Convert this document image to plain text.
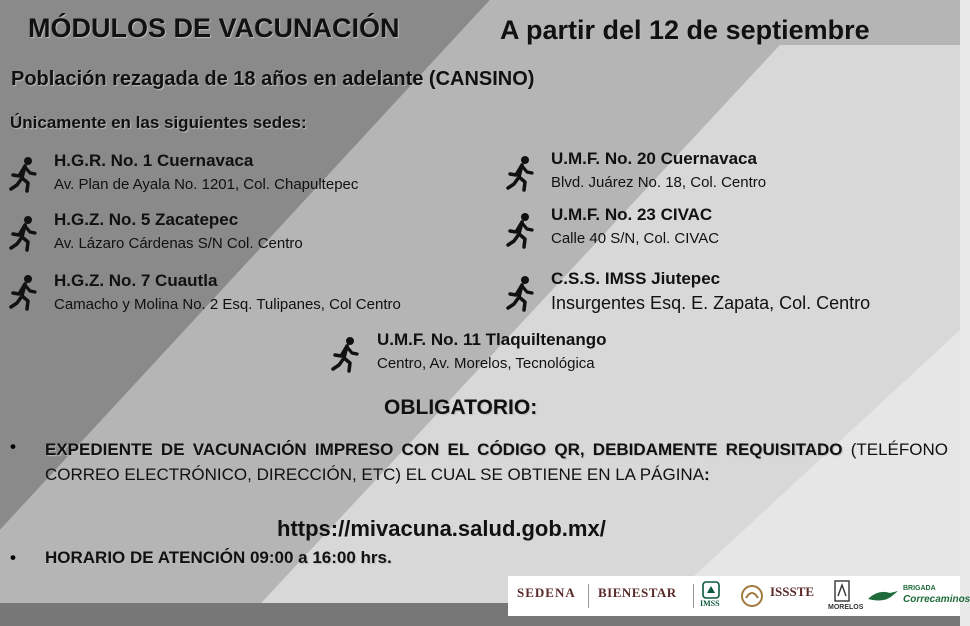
MÓDULOS DE VACUNACIÓN	A partir del 12 de septiembre
Población rezagada de 18 años en adelante (CANSINO)
Únicamente en las siguientes sedes:
H.G.R. No. 1 Cuernavaca
Av. Plan de Ayala No. 1201, Col. Chapultepec
H.G.Z. No. 5 Zacatepec
Av. Lázaro Cárdenas S/N Col. Centro
H.G.Z. No. 7 Cuautla
Camacho y Molina No. 2 Esq. Tulipanes, Col Centro
U.M.F. No. 20 Cuernavaca
Blvd. Juárez No. 18, Col. Centro
U.M.F. No. 23 CIVAC
Calle 40 S/N, Col. CIVAC
C.S.S. IMSS Jiutepec
Insurgentes Esq. E. Zapata, Col. Centro
U.M.F. No. 11 Tlaquiltenango
Centro, Av. Morelos, Tecnológica
OBLIGATORIO:
• EXPEDIENTE DE VACUNACIÓN IMPRESO CON EL CÓDIGO QR, DEBIDAMENTE REQUISITADO (TELÉFONO CORREO ELECTRÓNICO, DIRECCIÓN, ETC) EL CUAL SE OBTIENE EN LA PÁGINA:
https://mivacuna.salud.gob.mx/
• HORARIO DE ATENCIÓN 09:00 a 16:00 hrs.
SEDENA BIENESTAR
IMSS
ISSSTE
MORELOS
BRIGADA
Correcaminos
